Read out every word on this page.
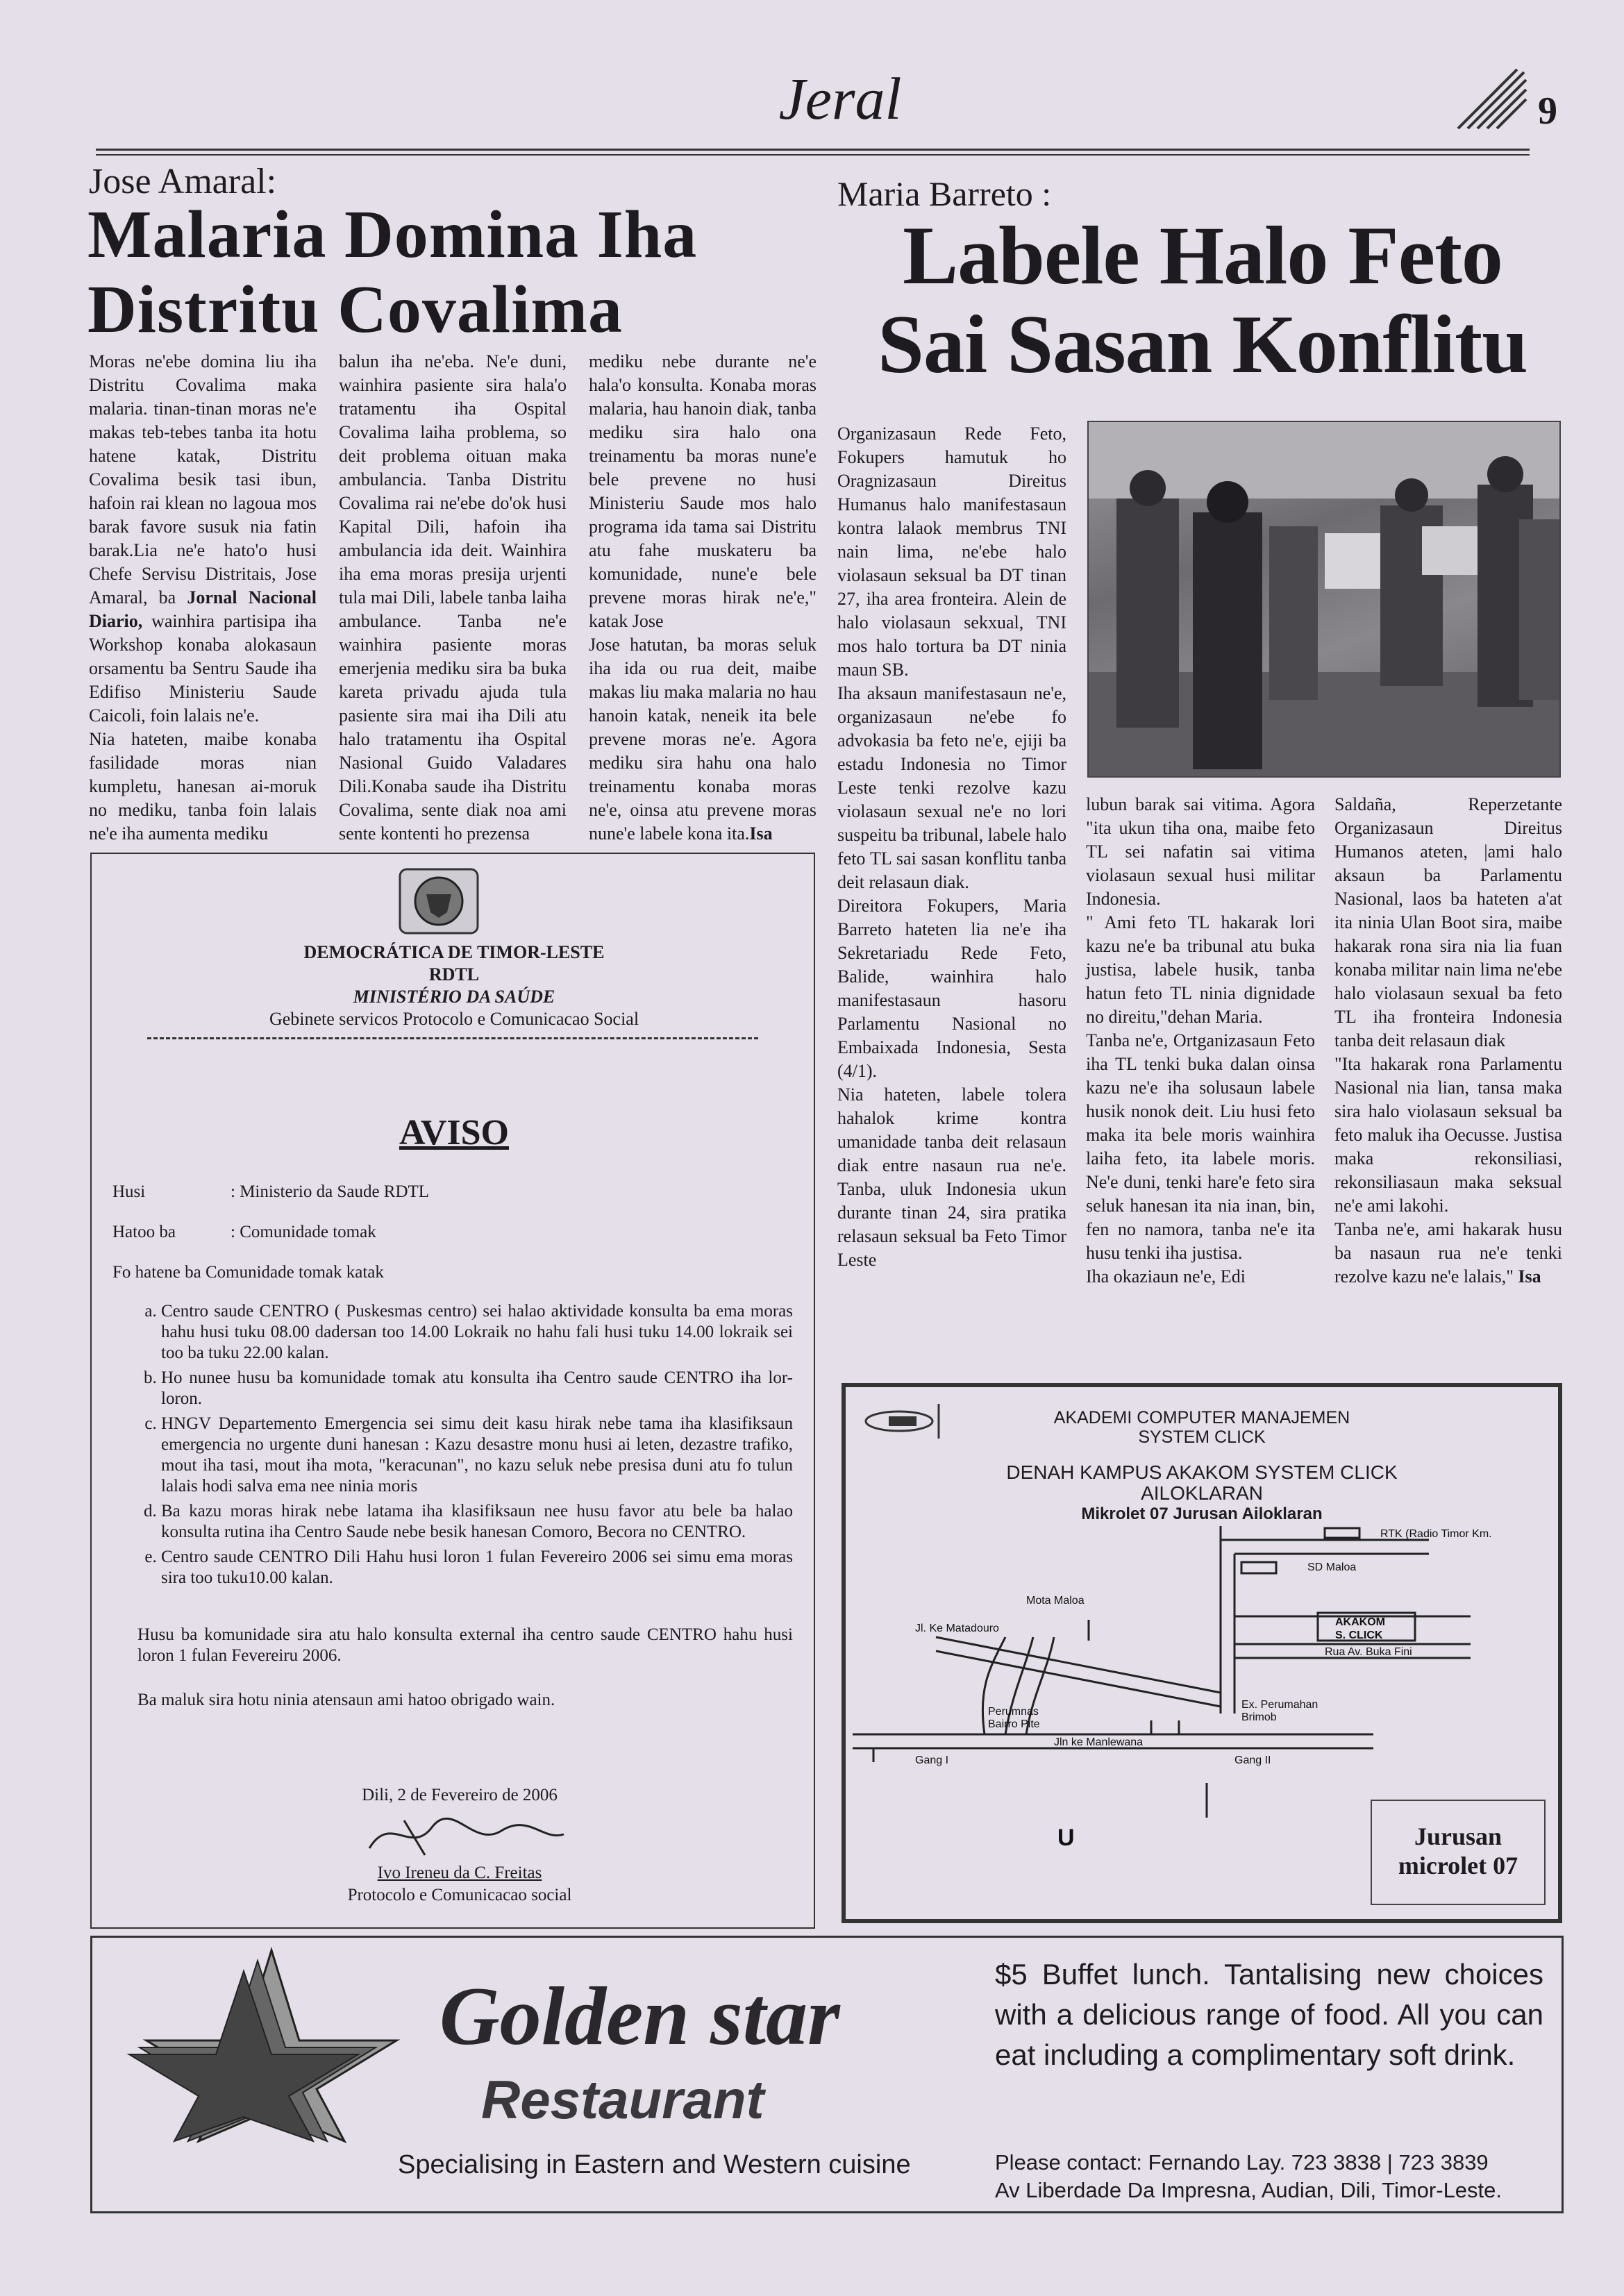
Jeral	9
Jose Amaral:
Malaria Domina Iha Distritu Covalima

Moras ne'ebe domina liu iha Distritu Covalima maka malaria. tinan-tinan moras ne'e makas teb-tebes tanba ita hotu hatene katak, Distritu Covalima besik tasi ibun, hafoin rai klean no lagoua mos barak favore susuk nia fatin barak.Lia ne'e hato'o husi Chefe Servisu Distritais, Jose Amaral, ba Jornal Nacional Diario, wainhira partisipa iha Workshop konaba alokasaun orsamentu ba Sentru Saude iha Edifiso Ministeriu Saude Caicoli, foin lalais ne'e.

Nia hateten, maibe konaba fasilidade moras nian kumpletu, hanesan ai-moruk no mediku, tanba foin lalais ne'e iha aumenta mediku

balun iha ne'eba. Ne'e duni, wainhira pasiente sira hala'o tratamentu iha Ospital Covalima laiha problema, so deit problema oituan maka ambulancia. Tanba Distritu Covalima rai ne'ebe do'ok husi Kapital Dili, hafoin iha ambulancia ida deit. Wainhira iha ema moras presija urjenti tula mai Dili, labele tanba laiha ambulance. Tanba ne'e wainhira pasiente moras emerjenia mediku sira ba buka kareta privadu ajuda tula pasiente sira mai iha Dili atu halo tratamentu iha Ospital Nasional Guido Valadares Dili.Konaba saude iha Distritu Covalima, sente diak noa ami sente kontenti ho prezensa

mediku nebe durante ne'e hala'o konsulta. Konaba moras malaria, hau hanoin diak, tanba mediku sira halo ona treinamentu ba moras nune'e bele prevene no husi Ministeriu Saude mos halo programa ida tama sai Distritu atu fahe muskateru ba komunidade, nune'e bele prevene moras hirak ne'e," katak Jose

Jose hatutan, ba moras seluk iha ida ou rua deit, maibe makas liu maka malaria no hau hanoin katak, neneik ita bele prevene moras ne'e. Agora mediku sira hahu ona halo treinamentu konaba moras ne'e, oinsa atu prevene moras nune'e labele kona ita.Isa

Maria Barreto :
Labele Halo Feto Sai Sasan Konflitu

Organizasaun Rede Feto, Fokupers hamutuk ho Oragnizasaun Direitus Humanus halo manifestasaun kontra lalaok membrus TNI nain lima, ne'ebe halo violasaun seksual ba DT tinan 27, iha area fronteira. Alein de halo violasaun sekxual, TNI mos halo tortura ba DT ninia maun SB.

Iha aksaun manifestasaun ne'e, organizasaun ne'ebe fo advokasia ba feto ne'e, ejiji ba estadu Indonesia no Timor Leste tenki rezolve kazu violasaun sexual ne'e no lori suspeitu ba tribunal, labele halo feto TL sai sasan konflitu tanba deit relasaun diak.

Direitora Fokupers, Maria Barreto hateten lia ne'e iha Sekretariadu Rede Feto, Balide, wainhira halo manifestasaun hasoru Parlamentu Nasional no Embaixada Indonesia, Sesta (4/1).

Nia hateten, labele tolera hahalok krime kontra umanidade tanba deit relasaun diak entre nasaun rua ne'e. Tanba, uluk Indonesia ukun durante tinan 24, sira pratika relasaun seksual ba Feto Timor Leste

lubun barak sai vitima. Agora "ita ukun tiha ona, maibe feto TL sei nafatin sai vitima violasaun sexual husi militar Indonesia.

" Ami feto TL hakarak lori kazu ne'e ba tribunal atu buka justisa, labele husik, tanba hatun feto TL ninia dignidade no direitu,"dehan Maria.

Tanba ne'e, Ortganizasaun Feto iha TL tenki buka dalan oinsa kazu ne'e iha solusaun labele husik nonok deit. Liu husi feto maka ita bele moris wainhira laiha feto, ita labele moris. Ne'e duni, tenki hare'e feto sira seluk hanesan ita nia inan, bin, fen no namora, tanba ne'e ita husu tenki iha justisa.

Iha okaziaun ne'e, Edi

Saldaña, Reperzetante Organizasaun Direitus Humanos ateten, |ami halo aksaun ba Parlamentu Nasional, laos ba hateten a'at ita ninia Ulan Boot sira, maibe hakarak rona sira nia lia fuan konaba militar nain lima ne'ebe halo violasaun sexual ba feto TL iha fronteira Indonesia tanba deit relasaun diak

"Ita hakarak rona Parlamentu Nasional nia lian, tansa maka sira halo violasaun seksual ba feto maluk iha Oecusse. Justisa maka rekonsiliasi, rekonsiliasaun maka seksual ne'e ami lakohi.

Tanba ne'e, ami hakarak husu ba nasaun rua ne'e tenki rezolve kazu ne'e lalais," Isa

DEMOCRÁTICA DE TIMOR-LESTE
RDTL
MINISTÉRIO DA SAÚDE
Gebinete servicos Protocolo e Comunicacao Social
AVISO
Husi	: Ministerio da Saude RDTL
Hatoo ba	: Comunidade tomak
Fo hatene ba Comunidade tomak katak
a. Centro saude CENTRO ( Puskesmas centro) sei halao aktividade konsulta ba ema moras hahu husi tuku 08.00 dadersan too 14.00 Lokraik no hahu fali husi tuku 14.00 lokraik sei too ba tuku 22.00 kalan.
b. Ho nunee husu ba komunidade tomak atu konsulta iha Centro saude CENTRO iha lor-loron.
c. HNGV Departemento Emergencia sei simu deit kasu hirak nebe tama iha klasifiksaun emergencia no urgente duni hanesan : Kazu desastre monu husi ai leten, dezastre trafiko, mout iha tasi, mout iha mota, "keracunan", no kazu seluk nebe presisa duni atu fo tulun lalais hodi salva ema nee ninia moris
d. Ba kazu moras hirak nebe latama iha klasifiksaun nee husu favor atu bele ba halao konsulta rutina iha Centro Saude nebe besik hanesan Comoro, Becora no CENTRO.
e. Centro saude CENTRO Dili Hahu husi loron 1 fulan Fevereiro 2006 sei simu ema moras sira too tuku10.00 kalan.
Husu ba komunidade sira atu halo konsulta external iha centro saude CENTRO hahu husi loron 1 fulan Fevereiru 2006.
Ba maluk sira hotu ninia atensaun ami hatoo obrigado wain.
Dili, 2 de Fevereiro de 2006
Ivo Ireneu da C. Freitas
Protocolo e Comunicacao social
AKADEMI COMPUTER MANAJEMEN
SYSTEM CLICK
DENAH KAMPUS AKAKOM SYSTEM CLICK
AILOKLARAN
Mikrolet 07 Jurusan Ailoklaran
RTK (Radio Timor Km.
SD Maloa
Mota Maloa
Jl. Ke Matadouro
AKAKOM
S. CLICK
Rua Av. Buka Fini
Perumnas
Bairro Pite
Ex. Perumahan
Brimob
Jln ke Manlewana
Gang I	Gang II
U	Jurusan
microlet 07
Golden star
Restaurant
Specialising in Eastern and Western cuisine
$5 Buffet lunch. Tantalising new choices with a delicious range of food. All you can eat including a complimentary soft drink.
Please contact: Fernando Lay. 723 3838 | 723 3839
Av Liberdade Da Impresna, Audian, Dili, Timor-Leste.
